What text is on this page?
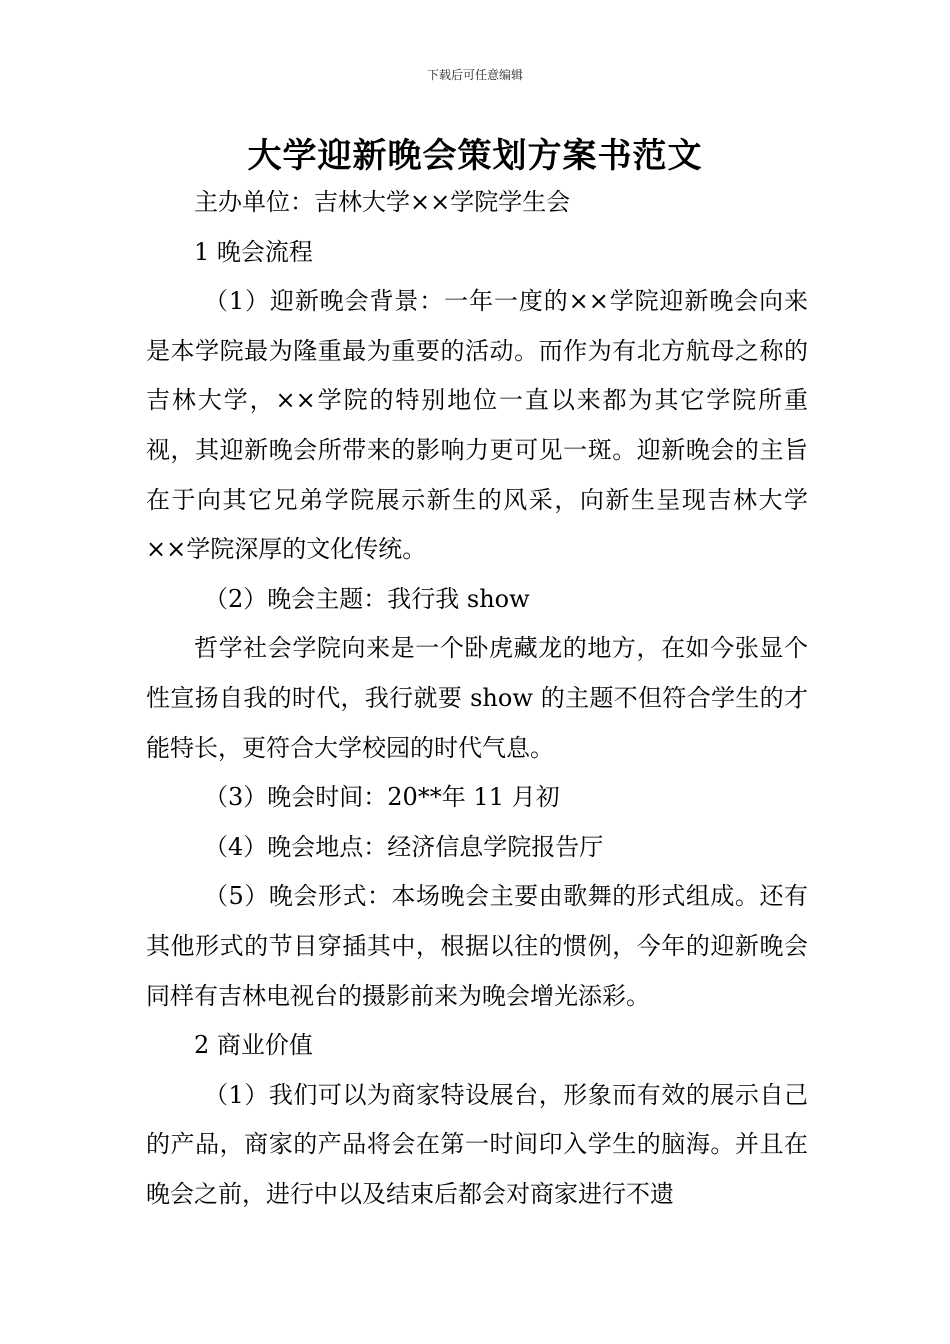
下载后可任意编辑
大学迎新晚会策划方案书范文

主办单位：吉林大学××学院学生会

1 晚会流程

（1）迎新晚会背景：一年一度的××学院迎新晚会向来是本学院最为隆重最为重要的活动。而作为有北方航母之称的吉林大学，××学院的特别地位一直以来都为其它学院所重视，其迎新晚会所带来的影响力更可见一斑。迎新晚会的主旨在于向其它兄弟学院展示新生的风采，向新生呈现吉林大学××学院深厚的文化传统。

（2）晚会主题：我行我 show

哲学社会学院向来是一个卧虎藏龙的地方，在如今张显个性宣扬自我的时代，我行就要 show 的主题不但符合学生的才能特长，更符合大学校园的时代气息。

（3）晚会时间：20**年 11 月初

（4）晚会地点：经济信息学院报告厅

（5）晚会形式：本场晚会主要由歌舞的形式组成。还有其他形式的节目穿插其中，根据以往的惯例，今年的迎新晚会同样有吉林电视台的摄影前来为晚会增光添彩。

2 商业价值

（1）我们可以为商家特设展台，形象而有效的展示自己的产品，商家的产品将会在第一时间印入学生的脑海。并且在晚会之前，进行中以及结束后都会对商家进行不遗
